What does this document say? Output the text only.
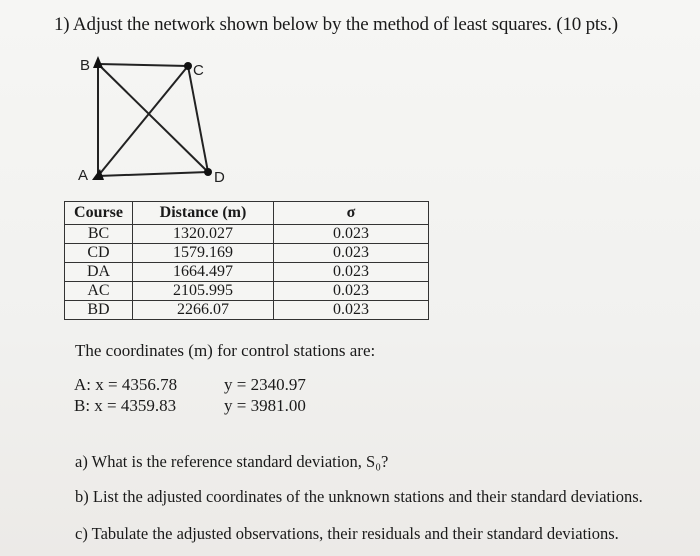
1) Adjust the network shown below by the method of least squares. (10 pts.)
B	C
A	D
Course	Distance (m)	σ
BC	1320.027	0.023
CD	1579.169	0.023
DA	1664.497	0.023
AC	2105.995	0.023
BD	2266.07	0.023
The coordinates (m) for control stations are:
A: x = 4356.78	y = 2340.97
B: x = 4359.83	y = 3981.00
a) What is the reference standard deviation, S₀?
b) List the adjusted coordinates of the unknown stations and their standard deviations.
c) Tabulate the adjusted observations, their residuals and their standard deviations.
